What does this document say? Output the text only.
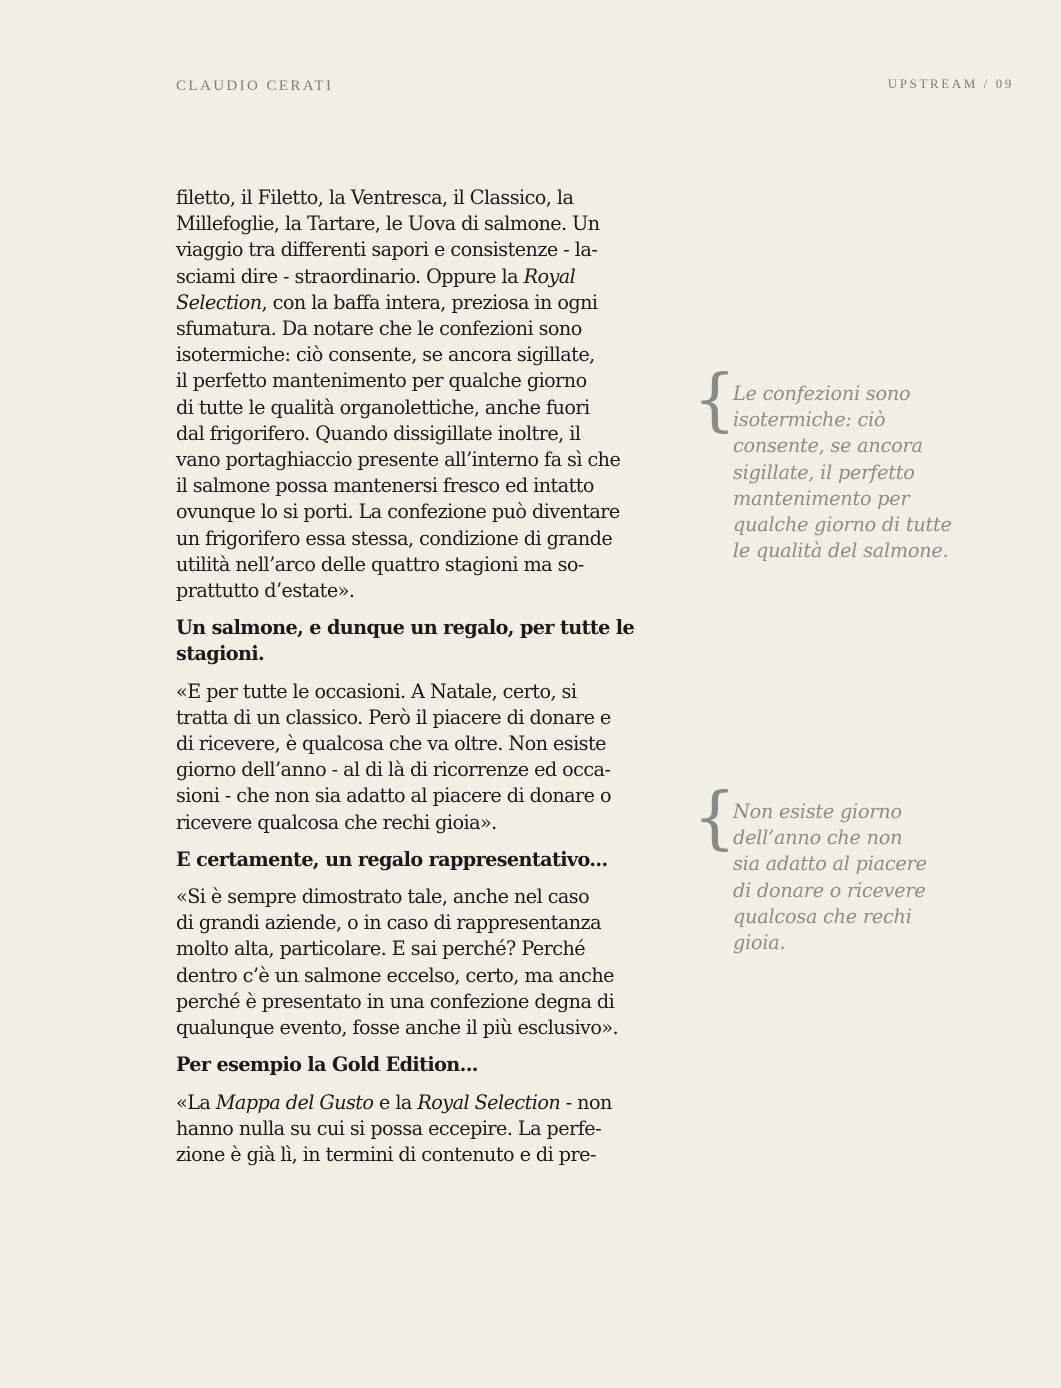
CLAUDIO CERATI	UPSTREAM / 09

filetto, il Filetto, la Ventresca, il Classico, la
Millefoglie, la Tartare, le Uova di salmone. Un
viaggio tra differenti sapori e consistenze - la-
sciami dire - straordinario. Oppure la Royal
Selection, con la baffa intera, preziosa in ogni
sfumatura. Da notare che le confezioni sono
isotermiche: ciò consente, se ancora sigillate,
il perfetto mantenimento per qualche giorno
di tutte le qualità organolettiche, anche fuori
dal frigorifero. Quando dissigillate inoltre, il
vano portaghiaccio presente all’interno fa sì che
il salmone possa mantenersi fresco ed intatto
ovunque lo si porti. La confezione può diventare
un frigorifero essa stessa, condizione di grande
utilità nell’arco delle quattro stagioni ma so-
prattutto d’estate».

Un salmone, e dunque un regalo, per tutte le
stagioni.

«E per tutte le occasioni. A Natale, certo, si
tratta di un classico. Però il piacere di donare e
di ricevere, è qualcosa che va oltre. Non esiste
giorno dell’anno - al di là di ricorrenze ed occa-
sioni - che non sia adatto al piacere di donare o
ricevere qualcosa che rechi gioia».

E certamente, un regalo rappresentativo...

«Si è sempre dimostrato tale, anche nel caso
di grandi aziende, o in caso di rappresentanza
molto alta, particolare. E sai perché? Perché
dentro c’è un salmone eccelso, certo, ma anche
perché è presentato in una confezione degna di
qualunque evento, fosse anche il più esclusivo».

Per esempio la Gold Edition...

«La Mappa del Gusto e la Royal Selection - non
hanno nulla su cui si possa eccepire. La perfe-
zione è già lì, in termini di contenuto e di pre-

{
Le confezioni sono
isotermiche: ciò
consente, se ancora
sigillate, il perfetto
mantenimento per
qualche giorno di tutte
le qualità del salmone.
{
Non esiste giorno
dell’anno che non
sia adatto al piacere
di donare o ricevere
qualcosa che rechi
gioia.
